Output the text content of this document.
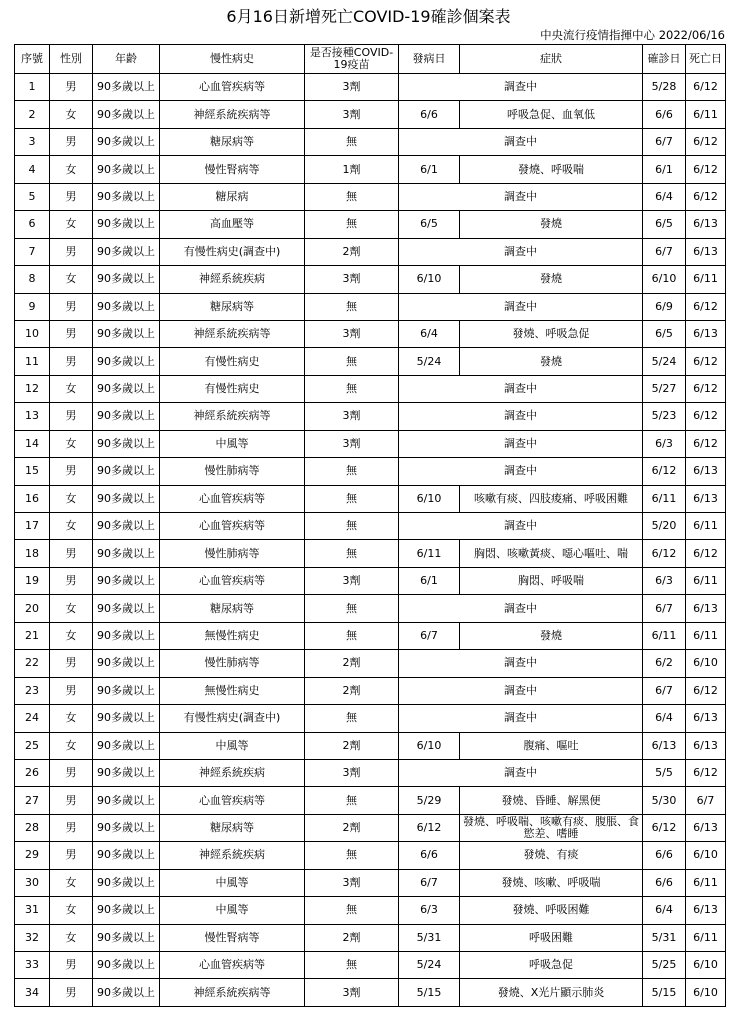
6月16日新增死亡COVID-19確診個案表
中央流行疫情指揮中心 2022/06/16
序號	性別	年齡	慢性病史	是否接種COVID-19疫苗	發病日	症狀	確診日	死亡日
1	男	90多歲以上	心血管疾病等	3劑	調查中		5/28	6/12
2	女	90多歲以上	神經系統疾病等	3劑	6/6	呼吸急促、血氧低	6/6	6/11
3	男	90多歲以上	糖尿病等	無	調查中		6/7	6/12
4	女	90多歲以上	慢性腎病等	1劑	6/1	發燒、呼吸喘	6/1	6/12
5	男	90多歲以上	糖尿病	無	調查中		6/4	6/12
6	女	90多歲以上	高血壓等	無	6/5	發燒	6/5	6/13
7	男	90多歲以上	有慢性病史(調查中)	2劑	調查中		6/7	6/13
8	女	90多歲以上	神經系統疾病	3劑	6/10	發燒	6/10	6/11
9	男	90多歲以上	糖尿病等	無	調查中		6/9	6/12
10	男	90多歲以上	神經系統疾病等	3劑	6/4	發燒、呼吸急促	6/5	6/13
11	男	90多歲以上	有慢性病史	無	5/24	發燒	5/24	6/12
12	女	90多歲以上	有慢性病史	無	調查中		5/27	6/12
13	男	90多歲以上	神經系統疾病等	3劑	調查中		5/23	6/12
14	女	90多歲以上	中風等	3劑	調查中		6/3	6/12
15	男	90多歲以上	慢性肺病等	無	調查中		6/12	6/13
16	女	90多歲以上	心血管疾病等	無	6/10	咳嗽有痰、四肢痠痛、呼吸困難	6/11	6/13
17	女	90多歲以上	心血管疾病等	無	調查中		5/20	6/11
18	男	90多歲以上	慢性肺病等	無	6/11	胸悶、咳嗽黃痰、噁心嘔吐、喘	6/12	6/12
19	男	90多歲以上	心血管疾病等	3劑	6/1	胸悶、呼吸喘	6/3	6/11
20	女	90多歲以上	糖尿病等	無	調查中		6/7	6/13
21	女	90多歲以上	無慢性病史	無	6/7	發燒	6/11	6/11
22	男	90多歲以上	慢性肺病等	2劑	調查中		6/2	6/10
23	男	90多歲以上	無慢性病史	2劑	調查中		6/7	6/12
24	女	90多歲以上	有慢性病史(調查中)	無	調查中		6/4	6/13
25	女	90多歲以上	中風等	2劑	6/10	腹痛、嘔吐	6/13	6/13
26	男	90多歲以上	神經系統疾病	3劑	調查中		5/5	6/12
27	男	90多歲以上	心血管疾病等	無	5/29	發燒、昏睡、解黑便	5/30	6/7
28	男	90多歲以上	糖尿病等	2劑	6/12	發燒、呼吸喘、咳嗽有痰、腹脹、食慾差、嗜睡	6/12	6/13
29	男	90多歲以上	神經系統疾病	無	6/6	發燒、有痰	6/6	6/10
30	女	90多歲以上	中風等	3劑	6/7	發燒、咳嗽、呼吸喘	6/6	6/11
31	女	90多歲以上	中風等	無	6/3	發燒、呼吸困難	6/4	6/13
32	女	90多歲以上	慢性腎病等	2劑	5/31	呼吸困難	5/31	6/11
33	男	90多歲以上	心血管疾病等	無	5/24	呼吸急促	5/25	6/10
34	男	90多歲以上	神經系統疾病等	3劑	5/15	發燒、X光片顯示肺炎	5/15	6/10
